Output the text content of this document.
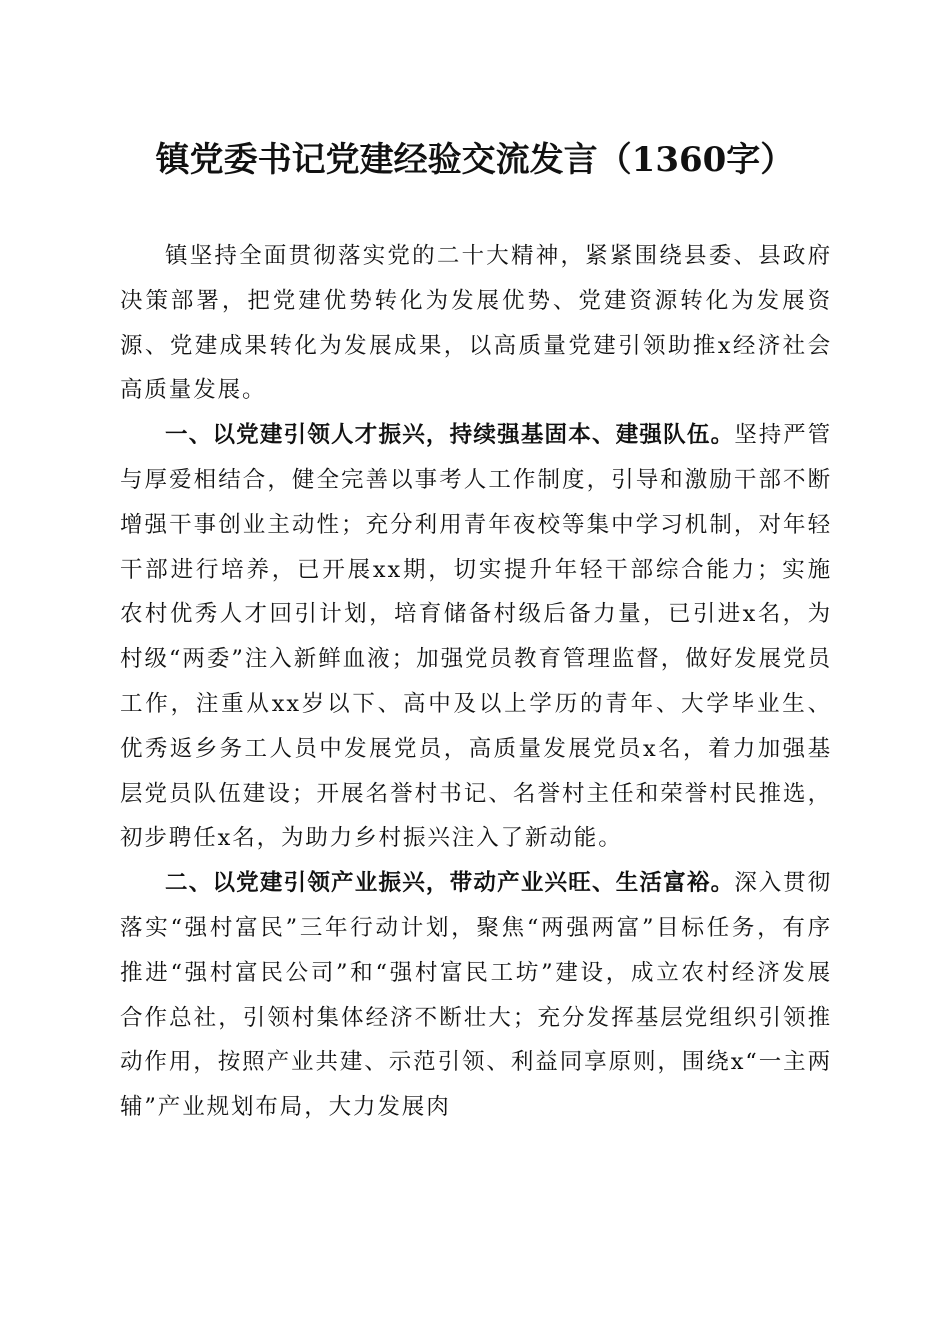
镇党委书记党建经验交流发言（1360字）

镇坚持全面贯彻落实党的二十大精神，紧紧围绕县委、县政府决策部署，把党建优势转化为发展优势、党建资源转化为发展资源、党建成果转化为发展成果，以高质量党建引领助推x经济社会高质量发展。

一、以党建引领人才振兴，持续强基固本、建强队伍。坚持严管与厚爱相结合，健全完善以事考人工作制度，引导和激励干部不断增强干事创业主动性；充分利用青年夜校等集中学习机制，对年轻干部进行培养，已开展xx期，切实提升年轻干部综合能力；实施农村优秀人才回引计划，培育储备村级后备力量，已引进x名，为村级“两委”注入新鲜血液；加强党员教育管理监督，做好发展党员工作，注重从xx岁以下、高中及以上学历的青年、大学毕业生、优秀返乡务工人员中发展党员，高质量发展党员x名，着力加强基层党员队伍建设；开展名誉村书记、名誉村主任和荣誉村民推选，初步聘任x名，为助力乡村振兴注入了新动能。

二、以党建引领产业振兴，带动产业兴旺、生活富裕。深入贯彻落实“强村富民”三年行动计划，聚焦“两强两富”目标任务，有序推进“强村富民公司”和“强村富民工坊”建设，成立农村经济发展合作总社，引领村集体经济不断壮大；充分发挥基层党组织引领推动作用，按照产业共建、示范引领、利益同享原则，围绕x“一主两辅”产业规划布局，大力发展肉
